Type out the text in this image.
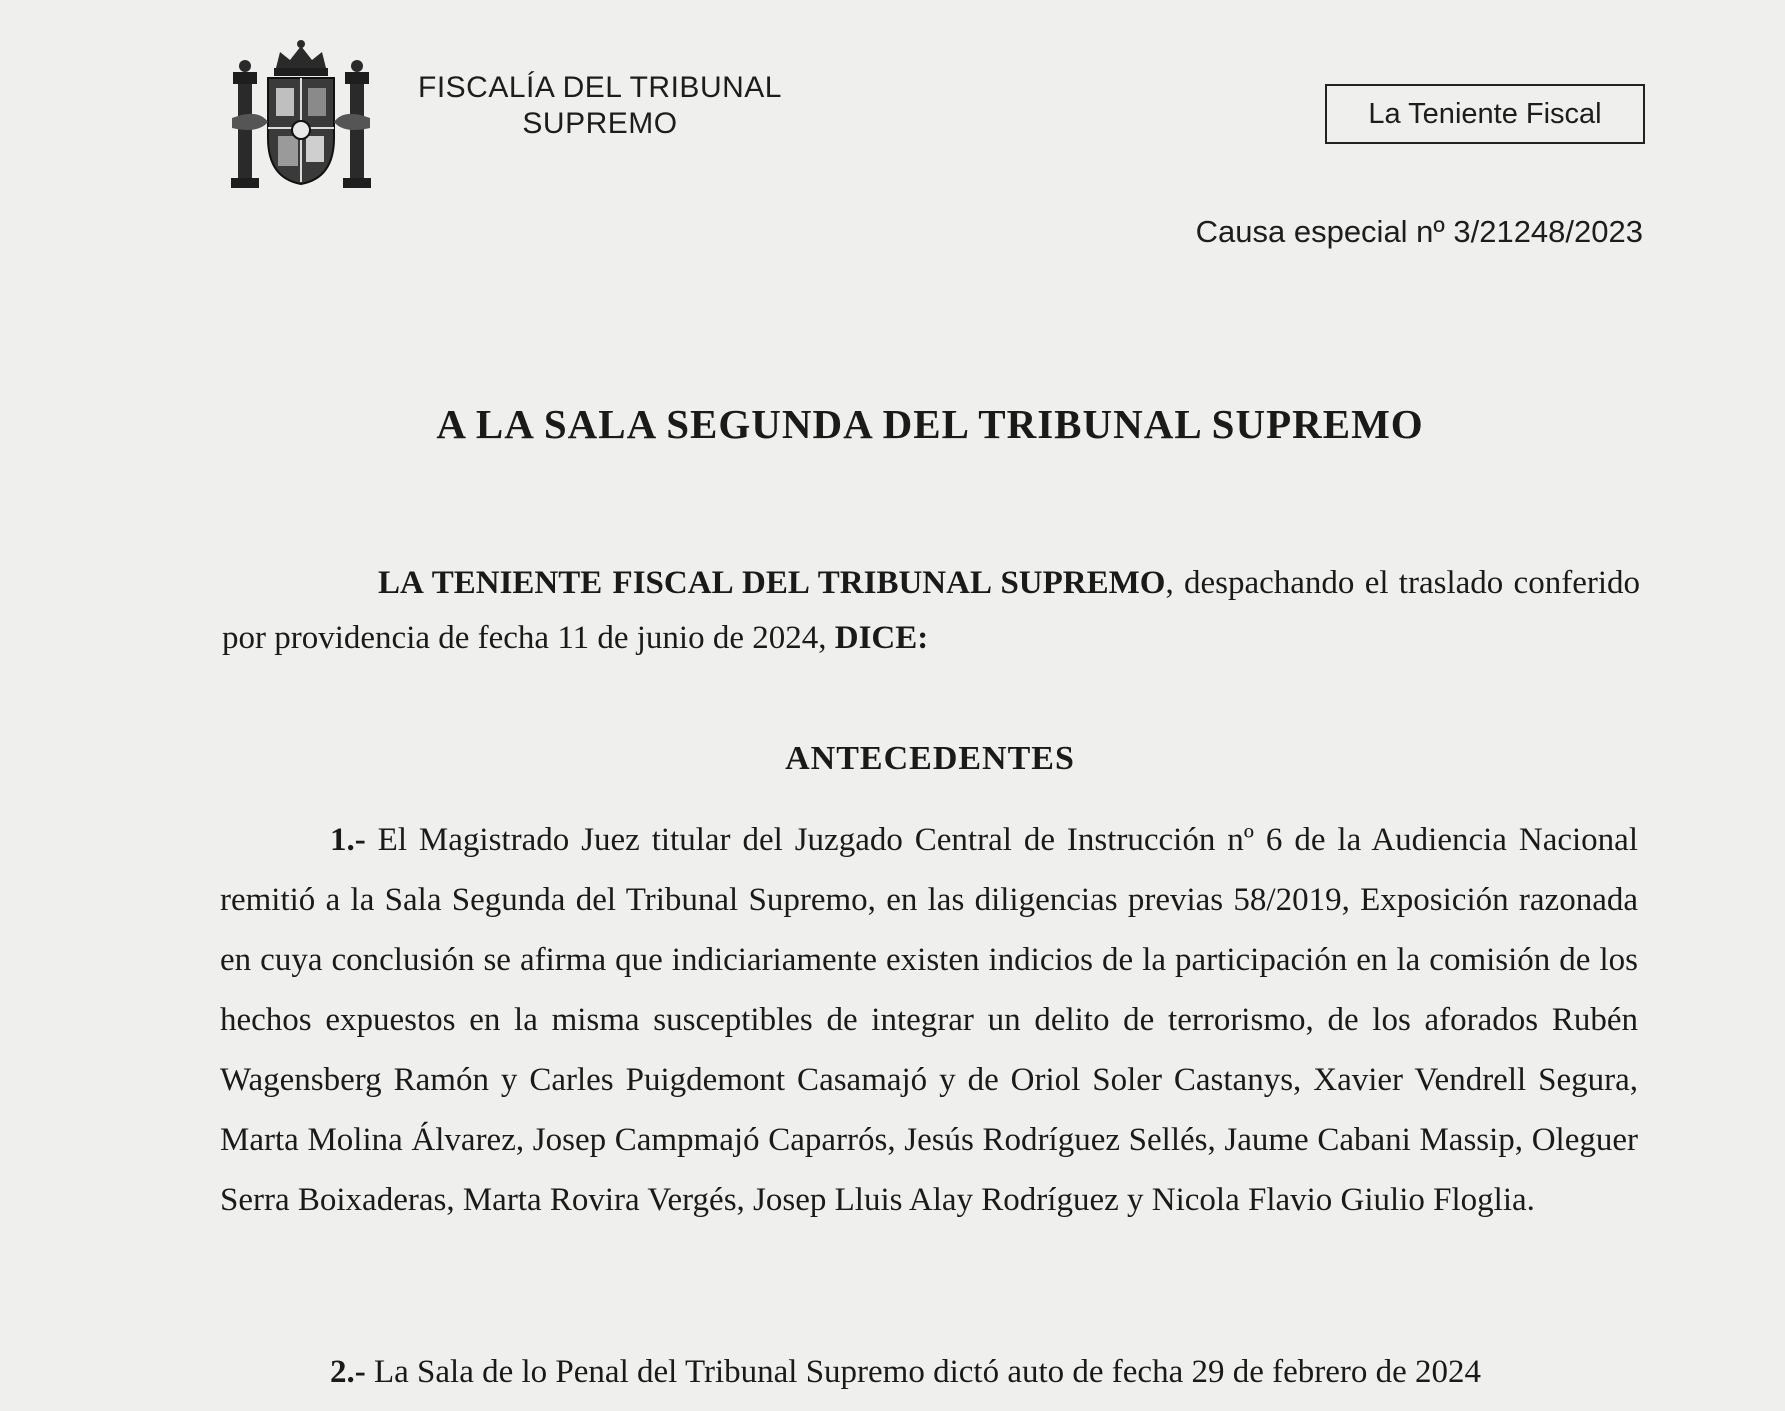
FISCALÍA DEL TRIBUNAL
SUPREMO	La Teniente Fiscal
Causa especial nº 3/21248/2023
A LA SALA SEGUNDA DEL TRIBUNAL SUPREMO
LA TENIENTE FISCAL DEL TRIBUNAL SUPREMO, despachando el traslado conferido por providencia de fecha 11 de junio de 2024, DICE:
ANTECEDENTES
1.- El Magistrado Juez titular del Juzgado Central de Instrucción nº 6 de la Audiencia Nacional remitió a la Sala Segunda del Tribunal Supremo, en las diligencias previas 58/2019, Exposición razonada en cuya conclusión se afirma que indiciariamente existen indicios de la participación en la comisión de los hechos expuestos en la misma susceptibles de integrar un delito de terrorismo, de los aforados Rubén Wagensberg Ramón y Carles Puigdemont Casamajó y de Oriol Soler Castanys, Xavier Vendrell Segura, Marta Molina Álvarez, Josep Campmajó Caparrós, Jesús Rodríguez Sellés, Jaume Cabani Massip, Oleguer Serra Boixaderas, Marta Rovira Vergés, Josep Lluis Alay Rodríguez y Nicola Flavio Giulio Floglia.
2.- La Sala de lo Penal del Tribunal Supremo dictó auto de fecha 29 de febrero de 2024
